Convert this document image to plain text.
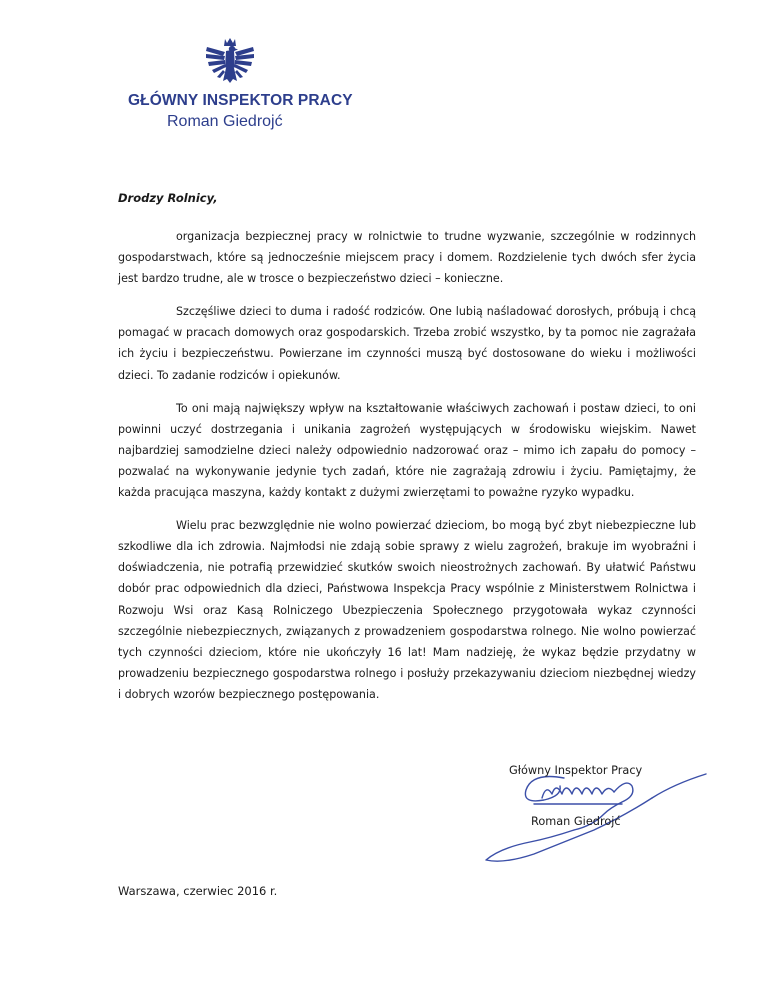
GŁÓWNY INSPEKTOR PRACY
Roman Giedrojć
Drodzy Rolnicy,

organizacja bezpiecznej pracy w rolnictwie to trudne wyzwanie, szczególnie w rodzinnych gospodarstwach, które są jednocześnie miejscem pracy i domem. Rozdzielenie tych dwóch sfer życia jest bardzo trudne, ale w trosce o bezpieczeństwo dzieci – konieczne.

Szczęśliwe dzieci to duma i radość rodziców. One lubią naśladować dorosłych, próbują i chcą pomagać w pracach domowych oraz gospodarskich. Trzeba zrobić wszystko, by ta pomoc nie zagrażała ich życiu i bezpieczeństwu. Powierzane im czynności muszą być dostosowane do wieku i możliwości dzieci. To zadanie rodziców i opiekunów.

To oni mają największy wpływ na kształtowanie właściwych zachowań i postaw dzieci, to oni powinni uczyć dostrzegania i unikania zagrożeń występujących w środowisku wiejskim. Nawet najbardziej samodzielne dzieci należy odpowiednio nadzorować oraz – mimo ich zapału do pomocy – pozwalać na wykonywanie jedynie tych zadań, które nie zagrażają zdrowiu i życiu. Pamiętajmy, że każda pracująca maszyna, każdy kontakt z dużymi zwierzętami to poważne ryzyko wypadku.

Wielu prac bezwzględnie nie wolno powierzać dzieciom, bo mogą być zbyt niebezpieczne lub szkodliwe dla ich zdrowia. Najmłodsi nie zdają sobie sprawy z wielu zagrożeń, brakuje im wyobraźni i doświadczenia, nie potrafią przewidzieć skutków swoich nieostrożnych zachowań. By ułatwić Państwu dobór prac odpowiednich dla dzieci, Państwowa Inspekcja Pracy wspólnie z Ministerstwem Rolnictwa i Rozwoju Wsi oraz Kasą Rolniczego Ubezpieczenia Społecznego przygotowała wykaz czynności szczególnie niebezpiecznych, związanych z prowadzeniem gospodarstwa rolnego. Nie wolno powierzać tych czynności dzieciom, które nie ukończyły 16 lat! Mam nadzieję, że wykaz będzie przydatny w prowadzeniu bezpiecznego gospodarstwa rolnego i posłuży przekazywaniu dzieciom niezbędnej wiedzy i dobrych wzorów bezpiecznego postępowania.

Główny Inspektor Pracy
Roman Giedrojć
Warszawa, czerwiec 2016 r.
